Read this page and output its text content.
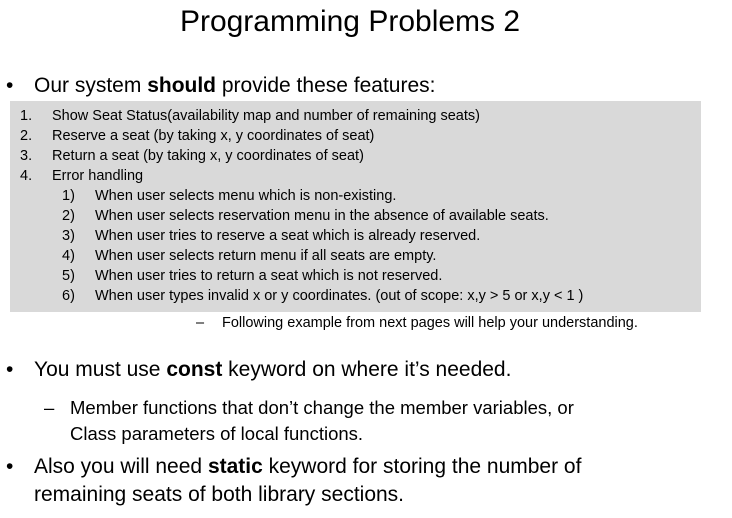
Programming Problems 2
• Our system should provide these features:
1. Show Seat Status(availability map and number of remaining seats)
2. Reserve a seat (by taking x, y coordinates of seat)
3. Return a seat (by taking x, y coordinates of seat)
4. Error handling
1) When user selects menu which is non-existing.
2) When user selects reservation menu in the absence of available seats.
3) When user tries to reserve a seat which is already reserved.
4) When user selects return menu if all seats are empty.
5) When user tries to return a seat which is not reserved.
6) When user types invalid x or y coordinates. (out of scope: x,y > 5 or x,y < 1 )
– Following example from next pages will help your understanding.
• You must use const keyword on where it’s needed.
– Member functions that don’t change the member variables, or
Class parameters of local functions.
• Also you will need static keyword for storing the number of
remaining seats of both library sections.
